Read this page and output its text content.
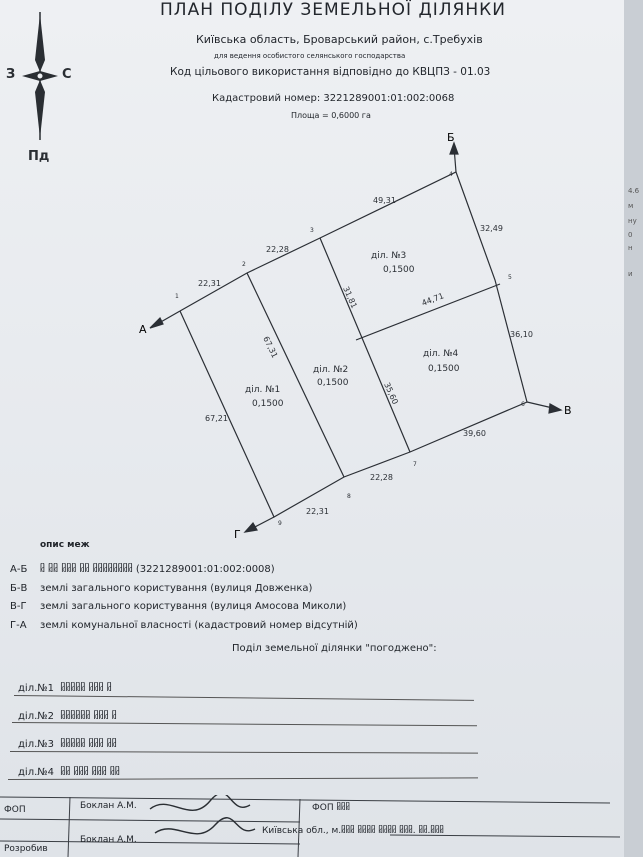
4.6
м
ну
0
н
и
ПЛАН ПОДІЛУ ЗЕМЕЛЬНОЇ ДІЛЯНКИ
Київська область, Броварський район, с.Требухів
для ведення особистого селянського господарства
Код цільового використання відповідно до КВЦПЗ - 01.03
Кадастровий номер: 3221289001:01:002:0068
Площа = 0,6000 га
З	С
Пд
А
Б
В
Г
1
2
3
4
5
6
7
8
9
22,31
22,28
49,31
32,49
36,10
39,60
22,28
22,31
67,21
67,31
31,81
35,60
44,71
діл. №1
0,1500
діл. №2
0,1500
діл. №3
0,1500
діл. №4
0,1500
опис меж
А-Б ᥤ ᥤᥤ ᥤᥤᥤ ᥤᥤ ᥤᥤᥤᥤᥤᥤᥤᥤ (3221289001:01:002:0008)
Б-В землі загального користування (вулиця Довженка)
В-Г землі загального користування (вулиця Амосова Миколи)
Г-А землі комунальної власності (кадастровий номер відсутній)
Поділ земельної ділянки "погоджено":
діл.№1 ᥤᥤᥤᥤᥤ ᥤᥤᥤ ᥤ
діл.№2 ᥤᥤᥤᥤᥤᥤ ᥤᥤᥤ ᥤ
діл.№3 ᥤᥤᥤᥤᥤ ᥤᥤᥤ ᥤᥤ
діл.№4 ᥤᥤ ᥤᥤᥤ ᥤᥤᥤ ᥤᥤ
ФОП	Боклан А.М.
Розробив
Боклан А.М.
ФОП ᥤᥤᥤ
Київська обл., м.ᥤᥤᥤ ᥤᥤᥤᥤ ᥤᥤᥤᥤ ᥤᥤᥤ. ᥤᥤ.ᥤᥤᥤ
